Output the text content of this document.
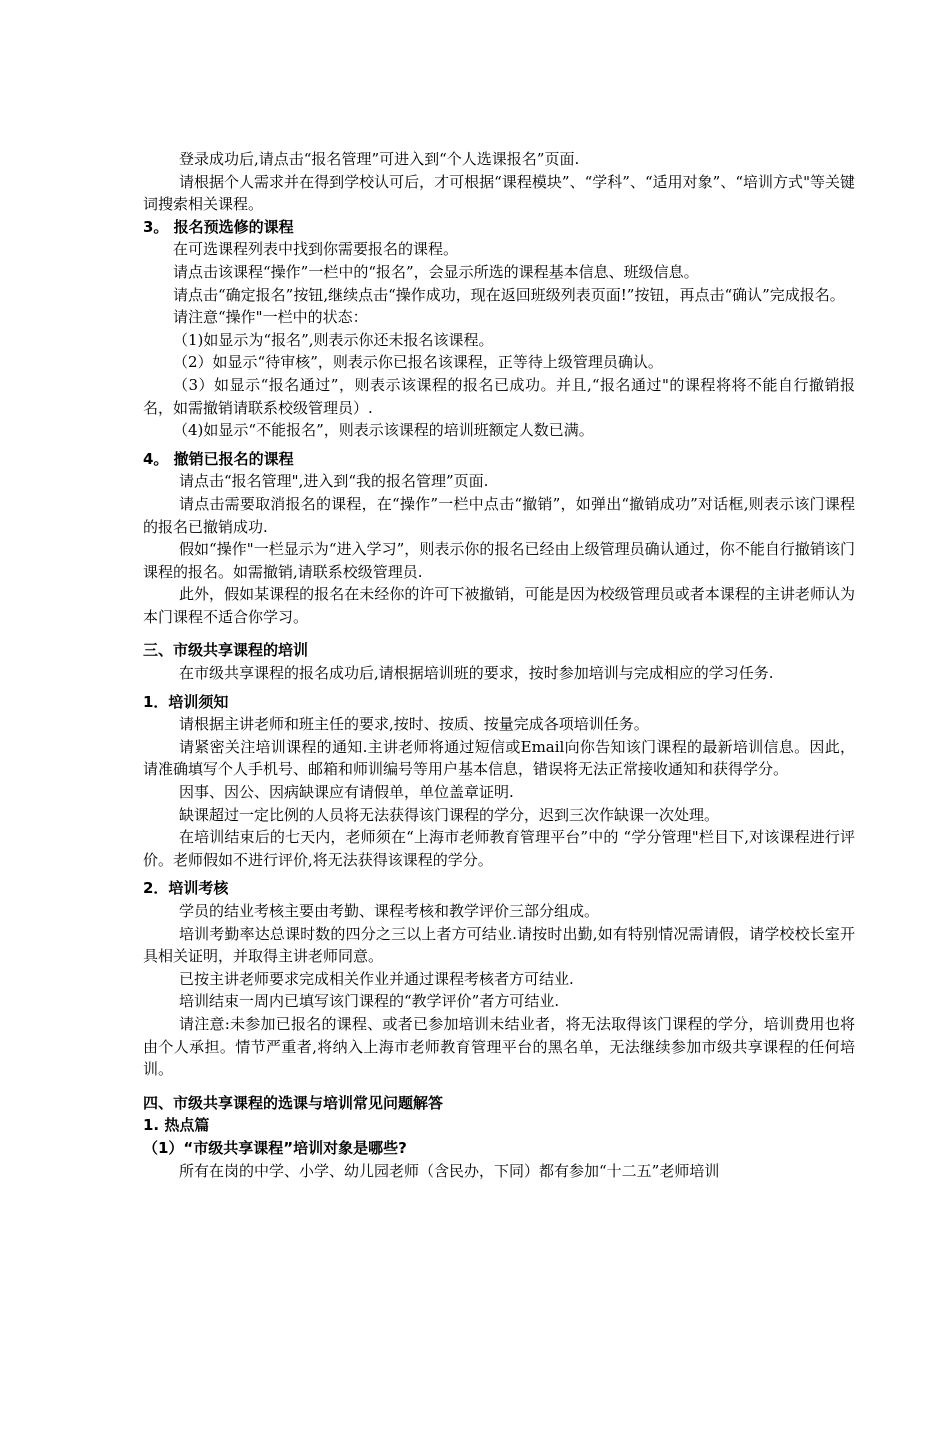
登录成功后,请点击“报名管理”可进入到“个人选课报名”页面.

请根据个人需求并在得到学校认可后，才可根据“课程模块”、“学科”、“适用对象”、“培训方式"等关键词搜索相关课程。

3。 报名预选修的课程

在可选课程列表中找到你需要报名的课程。

请点击该课程“操作”一栏中的“报名”，会显示所选的课程基本信息、班级信息。

请点击“确定报名”按钮,继续点击“操作成功，现在返回班级列表页面!”按钮，再点击“确认”完成报名。

请注意“操作"一栏中的状态：

（1)如显示为“报名”,则表示你还未报名该课程。

（2）如显示“待审核”，则表示你已报名该课程，正等待上级管理员确认。

（3）如显示“报名通过”，则表示该课程的报名已成功。并且,“报名通过"的课程将将不能自行撤销报名，如需撤销请联系校级管理员）.

（4)如显示“不能报名”，则表示该课程的培训班额定人数已满。

4。 撤销已报名的课程

请点击“报名管理",进入到“我的报名管理”页面.

请点击需要取消报名的课程，在“操作”一栏中点击“撤销”，如弹出“撤销成功”对话框,则表示该门课程的报名已撤销成功.

假如“操作"一栏显示为“进入学习”，则表示你的报名已经由上级管理员确认通过，你不能自行撤销该门课程的报名。如需撤销,请联系校级管理员.

此外，假如某课程的报名在未经你的许可下被撤销，可能是因为校级管理员或者本课程的主讲老师认为本门课程不适合你学习。

三、市级共享课程的培训

在市级共享课程的报名成功后,请根据培训班的要求，按时参加培训与完成相应的学习任务.

1．培训须知

请根据主讲老师和班主任的要求,按时、按质、按量完成各项培训任务。

请紧密关注培训课程的通知.主讲老师将通过短信或Email向你告知该门课程的最新培训信息。因此，请准确填写个人手机号、邮箱和师训编号等用户基本信息，错误将无法正常接收通知和获得学分。

因事、因公、因病缺课应有请假单，单位盖章证明.

缺课超过一定比例的人员将无法获得该门课程的学分，迟到三次作缺课一次处理。

在培训结束后的七天内，老师须在“上海市老师教育管理平台”中的 “学分管理"栏目下,对该课程进行评价。老师假如不进行评价,将无法获得该课程的学分。

2．培训考核

学员的结业考核主要由考勤、课程考核和教学评价三部分组成。

培训考勤率达总课时数的四分之三以上者方可结业.请按时出勤,如有特别情况需请假，请学校校长室开具相关证明，并取得主讲老师同意。

已按主讲老师要求完成相关作业并通过课程考核者方可结业.

培训结束一周内已填写该门课程的“教学评价”者方可结业.

请注意:未参加已报名的课程、或者已参加培训未结业者，将无法取得该门课程的学分，培训费用也将由个人承担。情节严重者,将纳入上海市老师教育管理平台的黑名单，无法继续参加市级共享课程的任何培训。

四、市级共享课程的选课与培训常见问题解答

1. 热点篇

（1）“市级共享课程”培训对象是哪些?

所有在岗的中学、小学、幼儿园老师（含民办，下同）都有参加“十二五”老师培训
